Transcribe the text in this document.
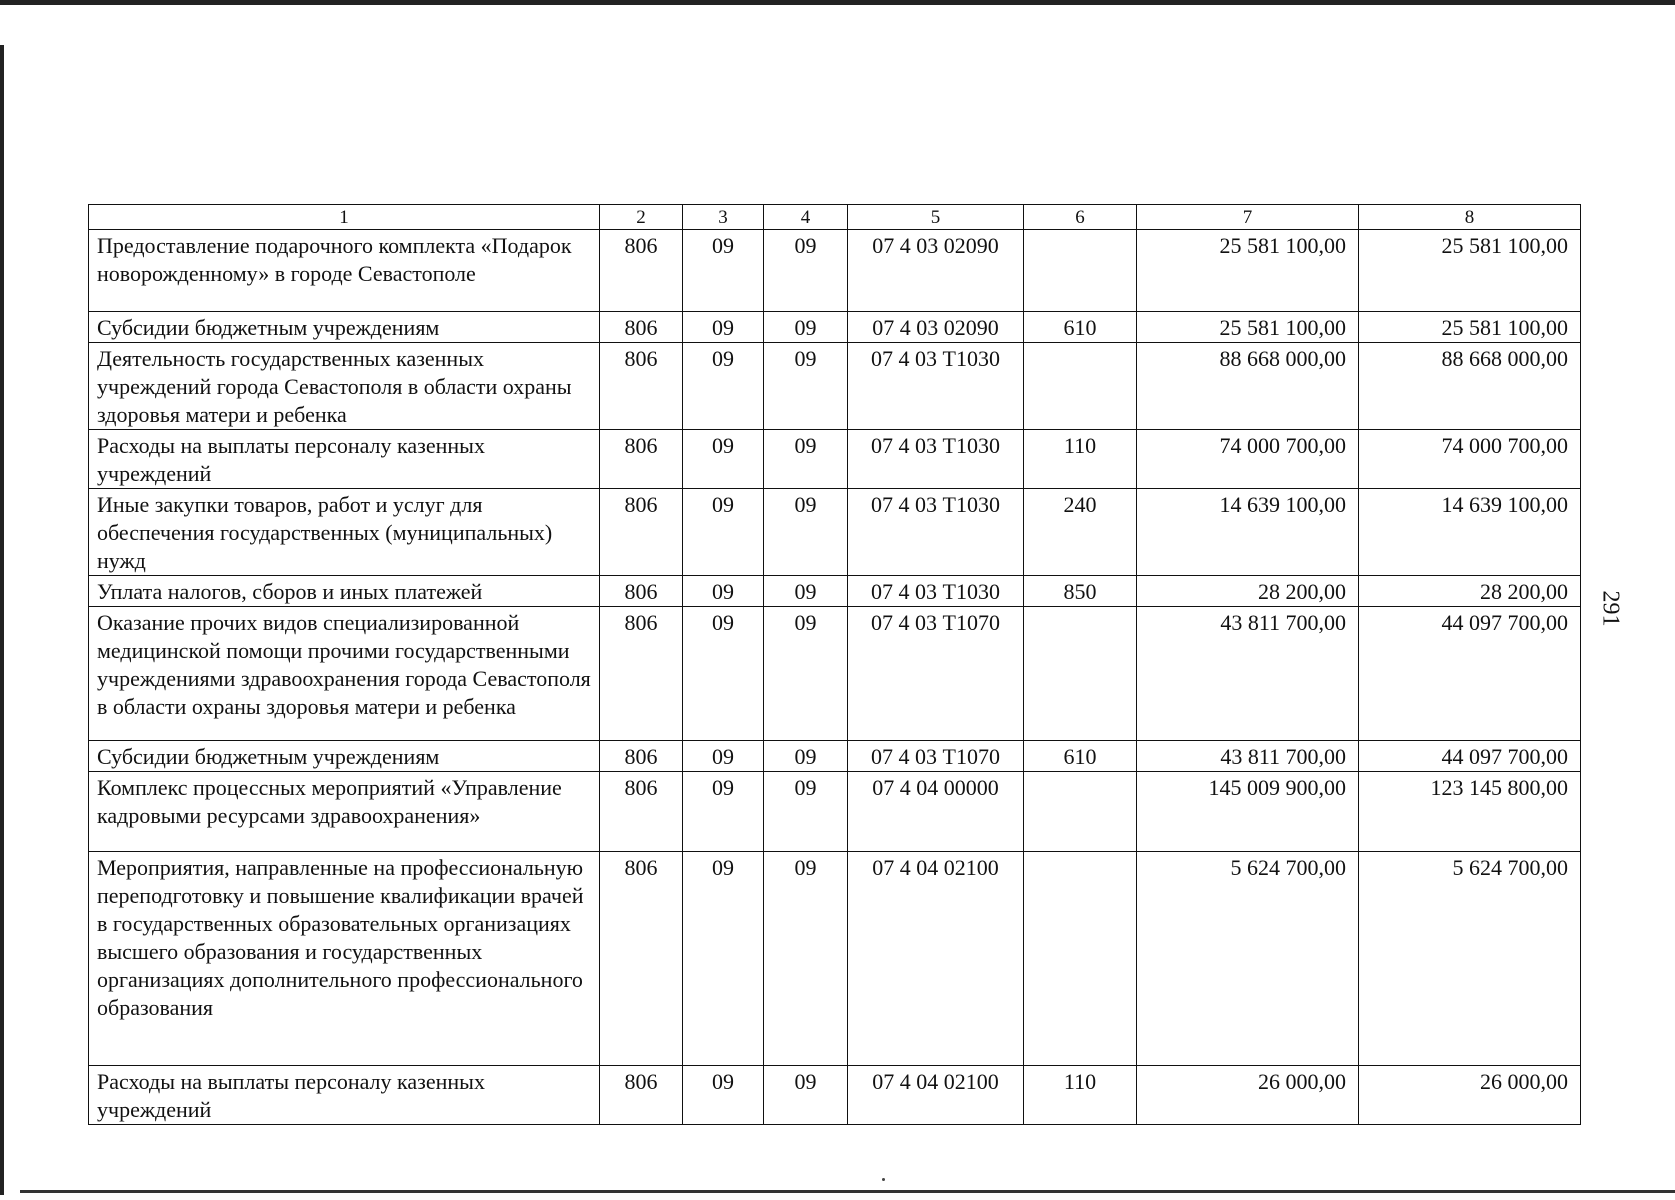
291
1	2	3	4	5	6	7	8
Предоставление подарочного комплекта «Подарок новорожденному» в городе Севастополе	806	09	09	07 4 03 02090		25 581 100,00	25 581 100,00
Субсидии бюджетным учреждениям	806	09	09	07 4 03 02090	610	25 581 100,00	25 581 100,00
Деятельность государственных казенных учреждений города Севастополя в области охраны здоровья матери и ребенка	806	09	09	07 4 03 Т1030		88 668 000,00	88 668 000,00
Расходы на выплаты персоналу казенных учреждений	806	09	09	07 4 03 Т1030	110	74 000 700,00	74 000 700,00
Иные закупки товаров, работ и услуг для обеспечения государственных (муниципальных) нужд	806	09	09	07 4 03 Т1030	240	14 639 100,00	14 639 100,00
Уплата налогов, сборов и иных платежей	806	09	09	07 4 03 Т1030	850	28 200,00	28 200,00
Оказание прочих видов специализированной медицинской помощи прочими государственными учреждениями здравоохранения города Севастополя в области охраны здоровья матери и ребенка	806	09	09	07 4 03 Т1070		43 811 700,00	44 097 700,00
Субсидии бюджетным учреждениям	806	09	09	07 4 03 Т1070	610	43 811 700,00	44 097 700,00
Комплекс процессных мероприятий «Управление кадровыми ресурсами здравоохранения»	806	09	09	07 4 04 00000		145 009 900,00	123 145 800,00
Мероприятия, направленные на профессиональную переподготовку и повышение квалификации врачей в государственных образовательных организациях высшего образования и государственных организациях дополнительного профессионального образования	806	09	09	07 4 04 02100		5 624 700,00	5 624 700,00
Расходы на выплаты персоналу казенных учреждений	806	09	09	07 4 04 02100	110	26 000,00	26 000,00
